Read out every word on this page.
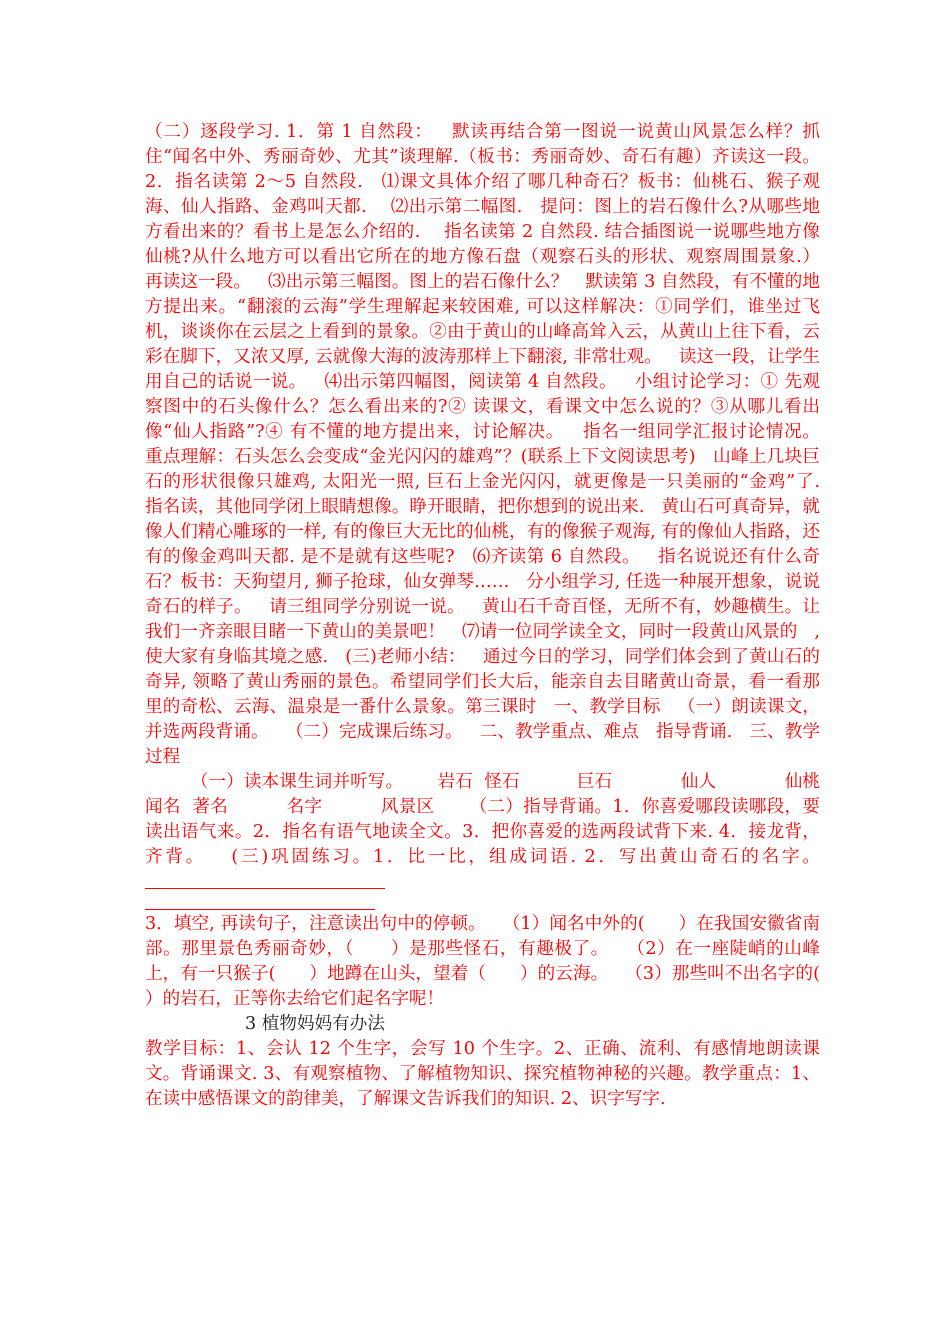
（二）逐段学习. 1．第 1 自然段：   默读再结合第一图说一说黄山风景怎么样？抓住“闻名中外、秀丽奇妙、尤其”谈理解.（板书：秀丽奇妙、奇石有趣）齐读这一段。2．指名读第 2～5 自然段.   ⑴课文具体介绍了哪几种奇石？板书：仙桃石、猴子观海、仙人指路、金鸡叫天都.    ⑵出示第二幅图.   提问：图上的岩石像什么?从哪些地方看出来的？看书上是怎么介绍的.    指名读第 2 自然段. 结合插图说一说哪些地方像仙桃?从什么地方可以看出它所在的地方像石盘（观察石头的形状、观察周围景象.）   再读这一段。   ⑶出示第三幅图。图上的岩石像什么？   默读第 3 自然段，有不懂的地方提出来。“翻滚的云海”学生理解起来较困难, 可以这样解决：①同学们，谁坐过飞机，谈谈你在云层之上看到的景象。②由于黄山的山峰高耸入云，从黄山上往下看，云彩在脚下，又浓又厚, 云就像大海的波涛那样上下翻滚, 非常壮观。   读这一段，让学生用自己的话说一说。   ⑷出示第四幅图，阅读第 4 自然段。   小组讨论学习：① 先观察图中的石头像什么？怎么看出来的?② 读课文，看课文中怎么说的？③从哪儿看出像“仙人指路”?④ 有不懂的地方提出来，讨论解决。   指名一组同学汇报讨论情况。   重点理解：石头怎么会变成“金光闪闪的雄鸡”？(联系上下文阅读思考)   山峰上几块巨石的形状很像只雄鸡, 太阳光一照, 巨石上金光闪闪，就更像是一只美丽的“金鸡”了.   指名读，其他同学闭上眼睛想像。睁开眼睛，把你想到的说出来.   黄山石可真奇异，就像人们精心雕琢的一样, 有的像巨大无比的仙桃，有的像猴子观海, 有的像仙人指路，还有的像金鸡叫天都. 是不是就有这些呢?   ⑹齐读第 6 自然段。   指名说说还有什么奇石？板书：天狗望月, 狮子抢球，仙女弹琴……   分小组学习, 任选一种展开想象，说说奇石的样子。   请三组同学分别说一说。   黄山石千奇百怪，无所不有，妙趣横生。让我们一齐亲眼目睹一下黄山的美景吧！   ⑺请一位同学读全文，同时一段黄山风景的   , 使大家有身临其境之感.   (三)老师小结：   通过今日的学习，同学们体会到了黄山石的奇异, 领略了黄山秀丽的景色。希望同学们长大后，能亲自去目睹黄山奇景，看一看那里的奇松、云海、温泉是一番什么景象。第三课时   一、教学目标   （一）朗读课文，并选两段背诵。   （二）完成课后练习。   二、教学重点、难点   指导背诵.   三、教学过程

（一）读本课生词并听写。      岩石  怪石          巨石            仙人            仙桃       闻名  著名          名字          风景区      （二）指导背诵。1．你喜爱哪段读哪段，要读出语气来。2．指名有语气地读全文。3．把你喜爱的选两段试背下来. 4．接龙背，齐背。   (三)巩固练习。1．比一比，组成词语. 2．写出黄山奇石的名字。

3．填空, 再读句子，注意读出句中的停顿。   （1）闻名中外的(      ）在我国安徽省南部。那里景色秀丽奇妙，（      ）是那些怪石，有趣极了。   （2）在一座陡峭的山峰上，有一只猴子(      ）地蹲在山头，望着（      ）的云海。   （3）那些叫不出名字的(      ）的岩石，正等你去给它们起名字呢！

3 植物妈妈有办法

教学目标：1、会认 12 个生字，会写 10 个生字。2、正确、流利、有感情地朗读课文。背诵课文. 3、有观察植物、了解植物知识、探究植物神秘的兴趣。教学重点：1、在读中感悟课文的韵律美，了解课文告诉我们的知识. 2、识字写字.
